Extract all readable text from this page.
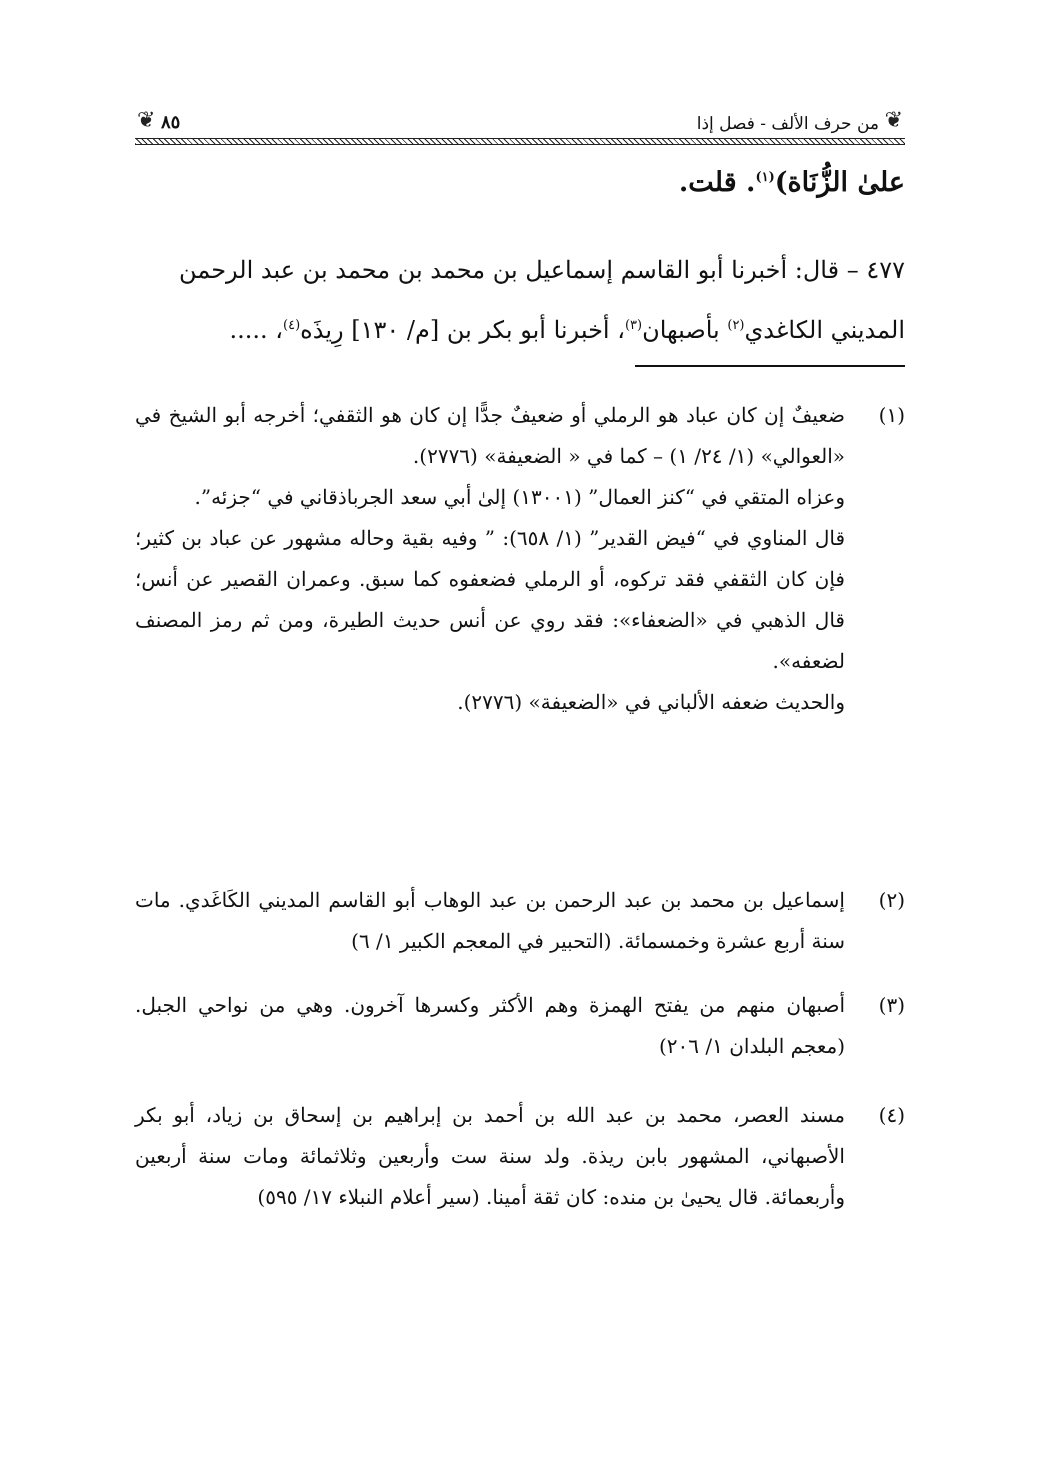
❦
من حرف الألف - فصل إذا
٨٥
❦
علىٰ الزُّنَاة)$^{(١)}$. قلت.
٤٧٧ – قال: أخبرنا أبو القاسم إسماعيل بن محمد بن محمد بن عبد الرحمن
المديني الكاغدي$^{(٢)}$ بأصبهان$^{(٣)}$، أخبرنا أبو بكر بن [م/ ١٣٠] رِيذَه$^{(٤)}$، .....
(١)
ضعيفٌ إن كان عباد هو الرملي أو ضعيفٌ جدًّا إن كان هو الثقفي؛ أخرجه أبو الشيخ في «العوالي» (١/ ٢٤/ ١) – كما في « الضعيفة» (٢٧٧٦).
وعزاه المتقي في “كنز العمال” (١٣٠٠١) إلىٰ أبي سعد الجرباذقاني في “جزئه”.
قال المناوي في “فيض القدير” (١/ ٦٥٨): ” وفيه بقية وحاله مشهور عن عباد بن كثير؛ فإن كان الثقفي فقد تركوه، أو الرملي فضعفوه كما سبق. وعمران القصير عن أنس؛ قال الذهبي في «الضعفاء»: فقد روي عن أنس حديث الطيرة، ومن ثم رمز المصنف لضعفه».
والحديث ضعفه الألباني في «الضعيفة» (٢٧٧٦).
(٢)
إسماعيل بن محمد بن عبد الرحمن بن عبد الوهاب أبو القاسم المديني الكَاغَدي. مات سنة أربع عشرة وخمسمائة. (التحبير في المعجم الكبير ١/ ٦)
(٣)
أصبهان منهم من يفتح الهمزة وهم الأكثر وكسرها آخرون. وهي من نواحي الجبل. (معجم البلدان ١/ ٢٠٦)
(٤)
مسند العصر، محمد بن عبد الله بن أحمد بن إبراهيم بن إسحاق بن زياد، أبو بكر الأصبهاني، المشهور بابن ريذة. ولد سنة ست وأربعين وثلاثمائة ومات سنة أربعين وأربعمائة. قال يحيىٰ بن منده: كان ثقة أمينا. (سير أعلام النبلاء ١٧/ ٥٩٥)
